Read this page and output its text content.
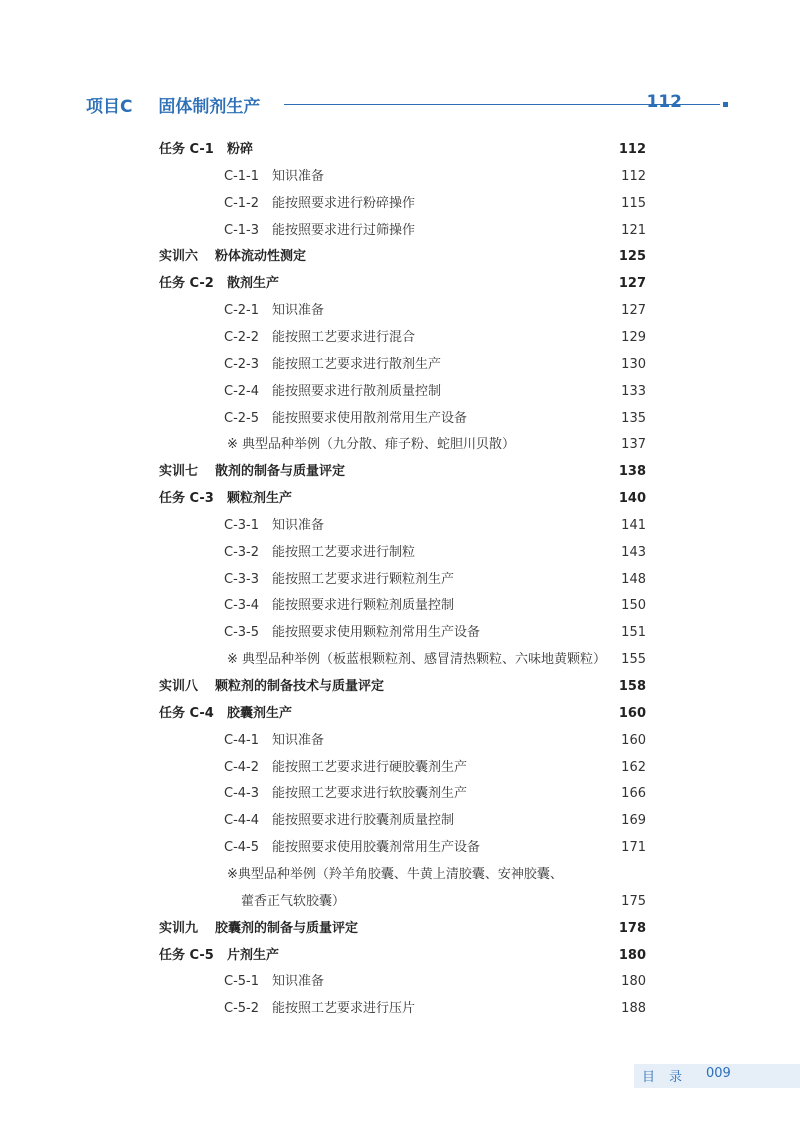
项目C 固体制剂生产	112
任务 C-1 粉碎	112
C-1-1 知识准备	112
C-1-2 能按照要求进行粉碎操作	115
C-1-3 能按照要求进行过筛操作	121
实训六 粉体流动性测定	125
任务 C-2 散剂生产	127
C-2-1 知识准备	127
C-2-2 能按照工艺要求进行混合	129
C-2-3 能按照工艺要求进行散剂生产	130
C-2-4 能按照要求进行散剂质量控制	133
C-2-5 能按照要求使用散剂常用生产设备	135
※ 典型品种举例（九分散、痱子粉、蛇胆川贝散）	137
实训七 散剂的制备与质量评定	138
任务 C-3 颗粒剂生产	140
C-3-1 知识准备	141
C-3-2 能按照工艺要求进行制粒	143
C-3-3 能按照工艺要求进行颗粒剂生产	148
C-3-4 能按照要求进行颗粒剂质量控制	150
C-3-5 能按照要求使用颗粒剂常用生产设备	151
※ 典型品种举例（板蓝根颗粒剂、感冒清热颗粒、六味地黄颗粒） 155
实训八 颗粒剂的制备技术与质量评定	158
任务 C-4 胶囊剂生产	160
C-4-1 知识准备	160
C-4-2 能按照工艺要求进行硬胶囊剂生产	162
C-4-3 能按照工艺要求进行软胶囊剂生产	166
C-4-4 能按照要求进行胶囊剂质量控制	169
C-4-5 能按照要求使用胶囊剂常用生产设备	171
※典型品种举例（羚羊角胶囊、牛黄上清胶囊、安神胶囊、
藿香正气软胶囊）	175
实训九 胶囊剂的制备与质量评定	178
任务 C-5 片剂生产	180
C-5-1 知识准备	180
C-5-2 能按照工艺要求进行压片	188
目录 009
